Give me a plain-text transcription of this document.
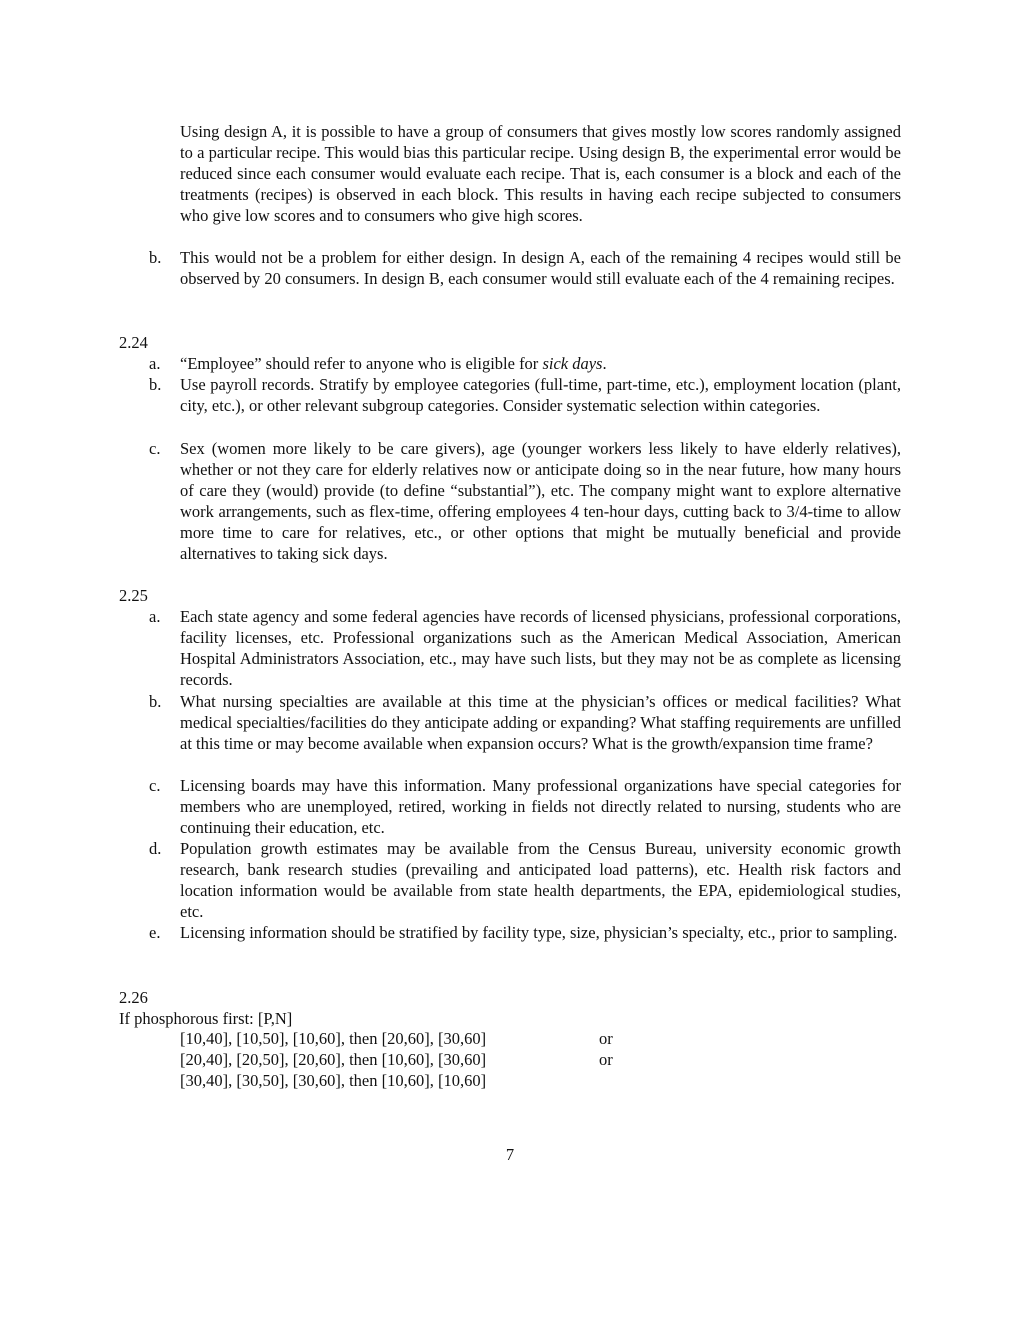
Using design A, it is possible to have a group of consumers that gives mostly low scores randomly assigned to a particular recipe. This would bias this particular recipe. Using design B, the experimental error would be reduced since each consumer would evaluate each recipe. That is, each consumer is a block and each of the treatments (recipes) is observed in each block. This results in having each recipe subjected to consumers who give low scores and to consumers who give high scores.
b.	This would not be a problem for either design. In design A, each of the remaining 4 recipes would still be observed by 20 consumers. In design B, each consumer would still evaluate each of the 4 remaining recipes.
2.24
a.	“Employee” should refer to anyone who is eligible for sick days.
b.	Use payroll records. Stratify by employee categories (full-time, part-time, etc.), employment location (plant, city, etc.), or other relevant subgroup categories. Consider systematic selection within categories.
c.	Sex (women more likely to be care givers), age (younger workers less likely to have elderly relatives), whether or not they care for elderly relatives now or anticipate doing so in the near future, how many hours of care they (would) provide (to define “substantial”), etc. The company might want to explore alternative work arrangements, such as flex-time, offering employees 4 ten-hour days, cutting back to 3/4-time to allow more time to care for relatives, etc., or other options that might be mutually beneficial and provide alternatives to taking sick days.
2.25
a.	Each state agency and some federal agencies have records of licensed physicians, professional corporations, facility licenses, etc. Professional organizations such as the American Medical Association, American Hospital Administrators Association, etc., may have such lists, but they may not be as complete as licensing records.
b.	What nursing specialties are available at this time at the physician’s offices or medical facilities? What medical specialties/facilities do they anticipate adding or expanding? What staffing requirements are unfilled at this time or may become available when expansion occurs? What is the growth/expansion time frame?
c.	Licensing boards may have this information. Many professional organizations have special categories for members who are unemployed, retired, working in fields not directly related to nursing, students who are continuing their education, etc.
d.	Population growth estimates may be available from the Census Bureau, university economic growth research, bank research studies (prevailing and anticipated load patterns), etc. Health risk factors and location information would be available from state health departments, the EPA, epidemiological studies, etc.
e.	Licensing information should be stratified by facility type, size, physician’s specialty, etc., prior to sampling.
2.26
If phosphorous first: [P,N]
[10,40], [10,50], [10,60], then [20,60], [30,60]	or
[20,40], [20,50], [20,60], then [10,60], [30,60]	or
[30,40], [30,50], [30,60], then [10,60], [10,60]
7
